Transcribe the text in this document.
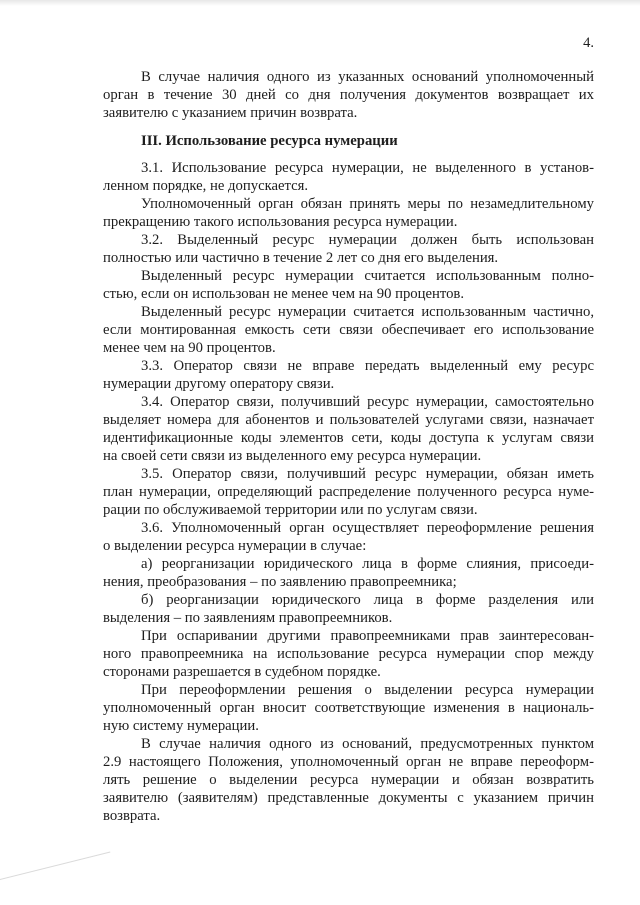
4.
В случае наличия одного из указанных оснований уполномоченный
орган в течение 30 дней со дня получения документов возвращает их
заявителю с указанием причин возврата.
III. Использование ресурса нумерации
3.1. Использование ресурса нумерации, не выделенного в установ-
ленном порядке, не допускается.
Уполномоченный орган обязан принять меры по незамедлительному
прекращению такого использования ресурса нумерации.
3.2. Выделенный ресурс нумерации должен быть использован
полностью или частично в течение 2 лет со дня его выделения.
Выделенный ресурс нумерации считается использованным полно-
стью, если он использован не менее чем на 90 процентов.
Выделенный ресурс нумерации считается использованным частично,
если монтированная емкость сети связи обеспечивает его использование
менее чем на 90 процентов.
3.3. Оператор связи не вправе передать выделенный ему ресурс
нумерации другому оператору связи.
3.4. Оператор связи, получивший ресурс нумерации, самостоятельно
выделяет номера для абонентов и пользователей услугами связи, назначает
идентификационные коды элементов сети, коды доступа к услугам связи
на своей сети связи из выделенного ему ресурса нумерации.
3.5. Оператор связи, получивший ресурс нумерации, обязан иметь
план нумерации, определяющий распределение полученного ресурса нуме-
рации по обслуживаемой территории или по услугам связи.
3.6. Уполномоченный орган осуществляет переоформление решения
о выделении ресурса нумерации в случае:
а) реорганизации юридического лица в форме слияния, присоеди-
нения, преобразования – по заявлению правопреемника;
б) реорганизации юридического лица в форме разделения или
выделения – по заявлениям правопреемников.
При оспаривании другими правопреемниками прав заинтересован-
ного правопреемника на использование ресурса нумерации спор между
сторонами разрешается в судебном порядке.
При переоформлении решения о выделении ресурса нумерации
уполномоченный орган вносит соответствующие изменения в националь-
ную систему нумерации.
В случае наличия одного из оснований, предусмотренных пунктом
2.9 настоящего Положения, уполномоченный орган не вправе переоформ-
лять решение о выделении ресурса нумерации и обязан возвратить
заявителю (заявителям) представленные документы с указанием причин
возврата.
